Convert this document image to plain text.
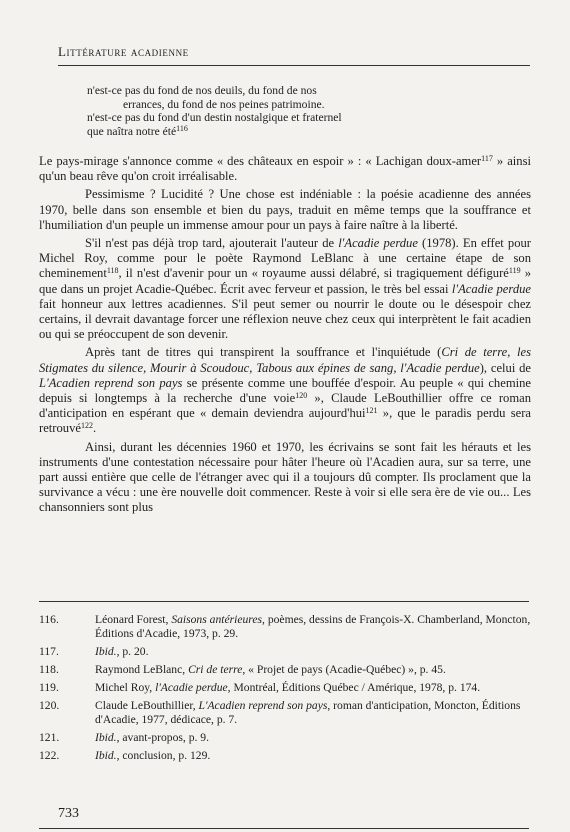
Littérature acadienne
n'est-ce pas du fond de nos deuils, du fond de nos
errances, du fond de nos peines patrimoine.
n'est-ce pas du fond d'un destin nostalgique et fraternel
que naîtra notre été$^{116}$

Le pays-mirage s'annonce comme « des châteaux en espoir » : « Lachigan doux-amer$^{117}$ » ainsi qu'un beau rêve qu'on croit irréalisable.

Pessimisme ? Lucidité ? Une chose est indéniable : la poésie acadienne des années 1970, belle dans son ensemble et bien du pays, traduit en même temps que la souffrance et l'humiliation d'un peuple un immense amour pour un pays à faire naître à la liberté.

S'il n'est pas déjà trop tard, ajouterait l'auteur de l'Acadie perdue (1978). En effet pour Michel Roy, comme pour le poète Raymond LeBlanc à une certaine étape de son cheminement$^{118}$, il n'est d'avenir pour un « royaume aussi délabré, si tragiquement défiguré$^{119}$ » que dans un projet Acadie-Québec. Écrit avec ferveur et passion, le très bel essai l'Acadie perdue fait honneur aux lettres acadiennes. S'il peut semer ou nourrir le doute ou le désespoir chez certains, il devrait davantage forcer une réflexion neuve chez ceux qui interprètent le fait acadien ou qui se préoccupent de son devenir.

Après tant de titres qui transpirent la souffrance et l'inquiétude (Cri de terre, les Stigmates du silence, Mourir à Scoudouc, Tabous aux épines de sang, l'Acadie perdue), celui de L'Acadien reprend son pays se présente comme une bouffée d'espoir. Au peuple « qui chemine depuis si longtemps à la recherche d'une voie$^{120}$ », Claude LeBouthillier offre ce roman d'anticipation en espérant que « demain deviendra aujourd'hui$^{121}$ », que le paradis perdu sera retrouvé$^{122}$.

Ainsi, durant les décennies 1960 et 1970, les écrivains se sont fait les hérauts et les instruments d'une contestation nécessaire pour hâter l'heure où l'Acadien aura, sur sa terre, une part aussi entière que celle de l'étranger avec qui il a toujours dû compter. Ils proclament que la survivance a vécu : une ère nouvelle doit commencer. Reste à voir si elle sera ère de vie ou... Les chansonniers sont plus

116.	Léonard Forest, Saisons antérieures, poèmes, dessins de François-X. Chamberland, Moncton, Éditions d'Acadie, 1973, p. 29.
117.	Ibid., p. 20.
118.	Raymond LeBlanc, Cri de terre, « Projet de pays (Acadie-Québec) », p. 45.
119.	Michel Roy, l'Acadie perdue, Montréal, Éditions Québec / Amérique, 1978, p. 174.
120.	Claude LeBouthillier, L'Acadien reprend son pays, roman d'anticipation, Moncton, Éditions d'Acadie, 1977, dédicace, p. 7.
121.	Ibid., avant-propos, p. 9.
122.	Ibid., conclusion, p. 129.
733
